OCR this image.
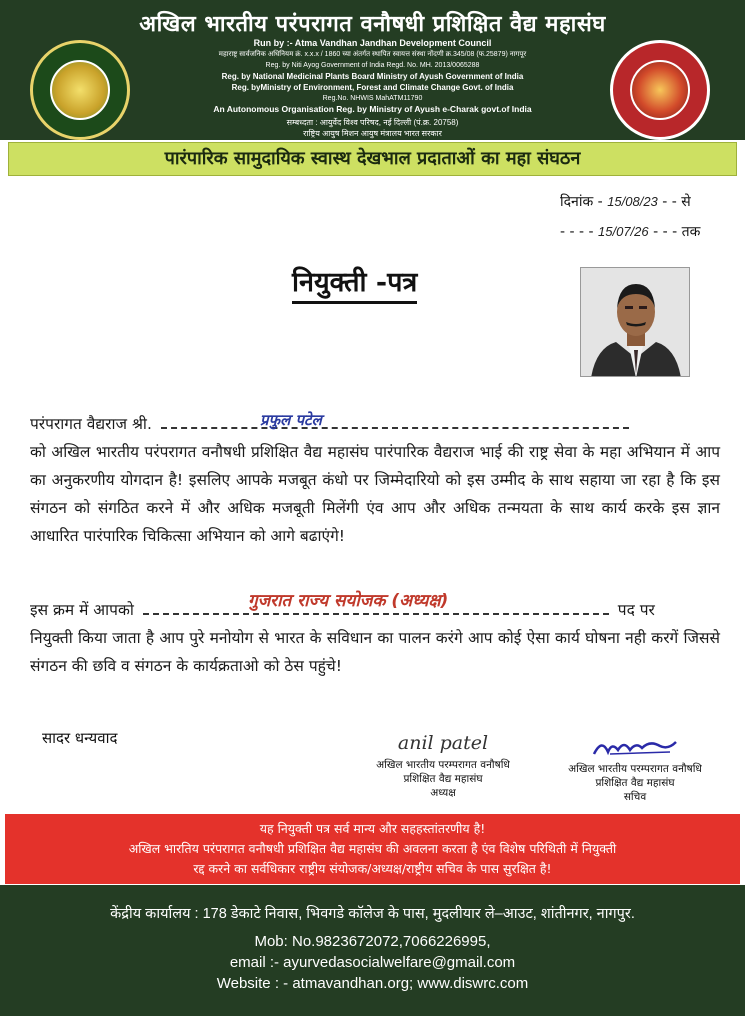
अखिल भारतीय परंपरागत वनौषधी प्रशिक्षित वैद्य महासंघ
Run by :- Atma Vandhan Jandhan Development Council
महाराष्ट्र सार्वजनिक अधिनियम क्रं. x.x.x / 1860 च्या अंतर्गत स्थापित स्वायत्त संस्था नोंदणी क्र.345/08 (फ.25879) नागपूर
Reg. by Niti Ayog Government of India Regd. No. MH. 2013/0065288
Reg. by National Medicinal Plants Board Ministry of Ayush Government of India
Reg. byMinistry of Environment, Forest and Climate Change Govt. of India
Reg.No. NHWIS MahATM11790
An Autonomous Organisation Reg. by Ministry of Ayush e-Charak govt.of India
सम्बध्दता : आयुर्वेद विश्व परिषद, नई दिल्ली (पं.क्र. 20758)
राष्ट्रिय आयुष मिशन आयुष मंत्रालय भारत सरकार
पारंपारिक सामुदायिक स्वास्थ देखभाल प्रदाताओं का महा संघठन
दिनांक - 15/08/23 - - से
- - - - 15/07/26 - - - तक
नियुक्ती -पत्र
परंपरागत वैद्यराज श्री.	प्रफुल पटेल
को अखिल भारतीय परंपरागत वनौषधी प्रशिक्षित वैद्य महासंघ पारंपारिक वैद्यराज भाई की राष्ट्र सेवा के महा अभियान में आप का अनुकरणीय योगदान है! इसलिए आपके मजबूत कंधो पर जिम्मेदारियो को इस उम्मीद के साथ सहाया जा रहा है कि इस संगठन को संगठित करने में और अधिक मजबूती मिलेंगी एंव आप और अधिक तन्मयता के साथ कार्य करके इस ज्ञान आधारित पारंपारिक चिकित्सा अभियान को आगे बढाएंगे!
इस क्रम में आपको	पद पर
गुजरात राज्य सयोजक (अध्यक्ष)
नियुक्ती किया जाता है आप पुरे मनोयोग से भारत के सविधान का पालन करंगे आप कोई ऐसा कार्य घोषना नही करगें जिससे संगठन की छवि व संगठन के कार्यक्रताओ को ठेस पहुंचे!
सादर धन्यवाद	anil patel
अखिल भारतीय परम्परागत वनौषधि
प्रशिक्षित वैद्य महासंघ
अध्यक्ष
अखिल भारतीय परम्परागत वनौषधि
प्रशिक्षित वैद्य महासंघ
सचिव
यह नियुक्ती पत्र सर्व मान्य और सहहस्तांतरणीय है!
अखिल भारतिय परंपरागत वनौषधी प्रशिक्षित वैद्य महासंघ की अवलना करता है एंव विशेष परिथिती में नियुक्ती
रद्द करने का सर्वधिकार राष्ट्रीय संयोजक/अध्यक्ष/राष्ट्रीय सचिव के पास सुरक्षित है!
केंद्रीय कार्यालय : 178 डेकाटे निवास, भिवगडे कॉलेज के पास, मुदलीयार ले–आउट, शांतीनगर, नागपुर.
Mob: No.9823672072,7066226995,
email :- ayurvedasocialwelfare@gmail.com
Website : - atmavandhan.org; www.diswrc.com
